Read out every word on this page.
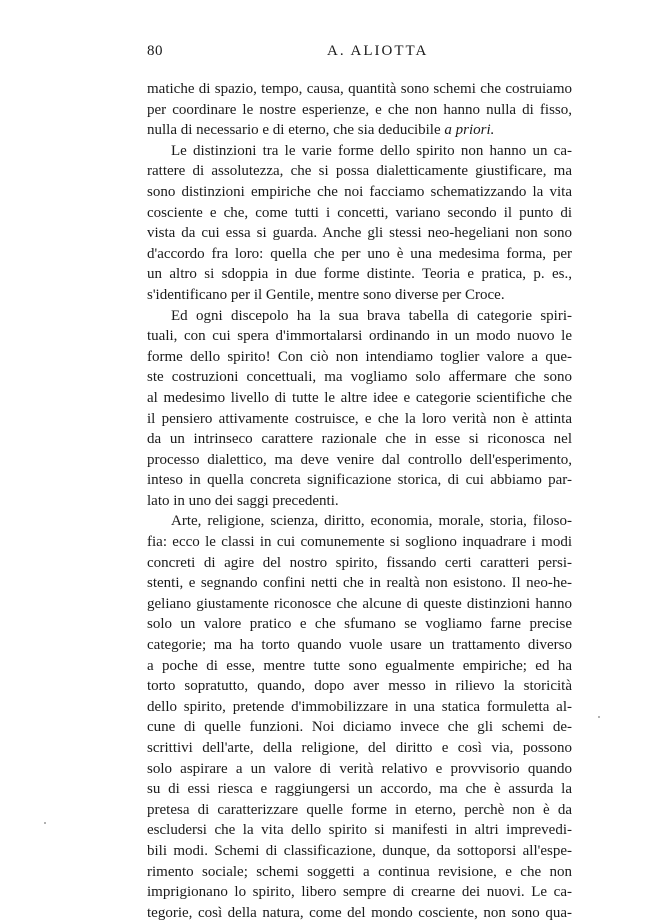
80	A. ALIOTTA
matiche di spazio, tempo, causa, quantità sono schemi che costruiamo
per coordinare le nostre esperienze, e che non hanno nulla di fisso,
nulla di necessario e di eterno, che sia deducibile a priori.
Le distinzioni tra le varie forme dello spirito non hanno un ca-
rattere di assolutezza, che si possa dialetticamente giustificare, ma
sono distinzioni empiriche che noi facciamo schematizzando la vita
cosciente e che, come tutti i concetti, variano secondo il punto di
vista da cui essa si guarda. Anche gli stessi neo-hegeliani non sono
d'accordo fra loro: quella che per uno è una medesima forma, per
un altro si sdoppia in due forme distinte. Teoria e pratica, p. es.,
s'identificano per il Gentile, mentre sono diverse per Croce.
Ed ogni discepolo ha la sua brava tabella di categorie spiri-
tuali, con cui spera d'immortalarsi ordinando in un modo nuovo le
forme dello spirito! Con ciò non intendiamo toglier valore a que-
ste costruzioni concettuali, ma vogliamo solo affermare che sono
al medesimo livello di tutte le altre idee e categorie scientifiche che
il pensiero attivamente costruisce, e che la loro verità non è attinta
da un intrinseco carattere razionale che in esse si riconosca nel
processo dialettico, ma deve venire dal controllo dell'esperimento,
inteso in quella concreta significazione storica, di cui abbiamo par-
lato in uno dei saggi precedenti.
Arte, religione, scienza, diritto, economia, morale, storia, filoso-
fia: ecco le classi in cui comunemente si sogliono inquadrare i modi
concreti di agire del nostro spirito, fissando certi caratteri persi-
stenti, e segnando confini netti che in realtà non esistono. Il neo-he-
geliano giustamente riconosce che alcune di queste distinzioni hanno
solo un valore pratico e che sfumano se vogliamo farne precise
categorie; ma ha torto quando vuole usare un trattamento diverso
a poche di esse, mentre tutte sono egualmente empiriche; ed ha
torto sopratutto, quando, dopo aver messo in rilievo la storicità
dello spirito, pretende d'immobilizzare in una statica formuletta al-
cune di quelle funzioni. Noi diciamo invece che gli schemi de-
scrittivi dell'arte, della religione, del diritto e così via, possono
solo aspirare a un valore di verità relativo e provvisorio quando
su di essi riesca e raggiungersi un accordo, ma che è assurda la
pretesa di caratterizzare quelle forme in eterno, perchè non è da
escludersi che la vita dello spirito si manifesti in altri imprevedi-
bili modi. Schemi di classificazione, dunque, da sottoporsi all'espe-
rimento sociale; schemi soggetti a continua revisione, e che non
imprigionano lo spirito, libero sempre di crearne dei nuovi. Le ca-
tegorie, così della natura, come del mondo cosciente, non sono qua-
